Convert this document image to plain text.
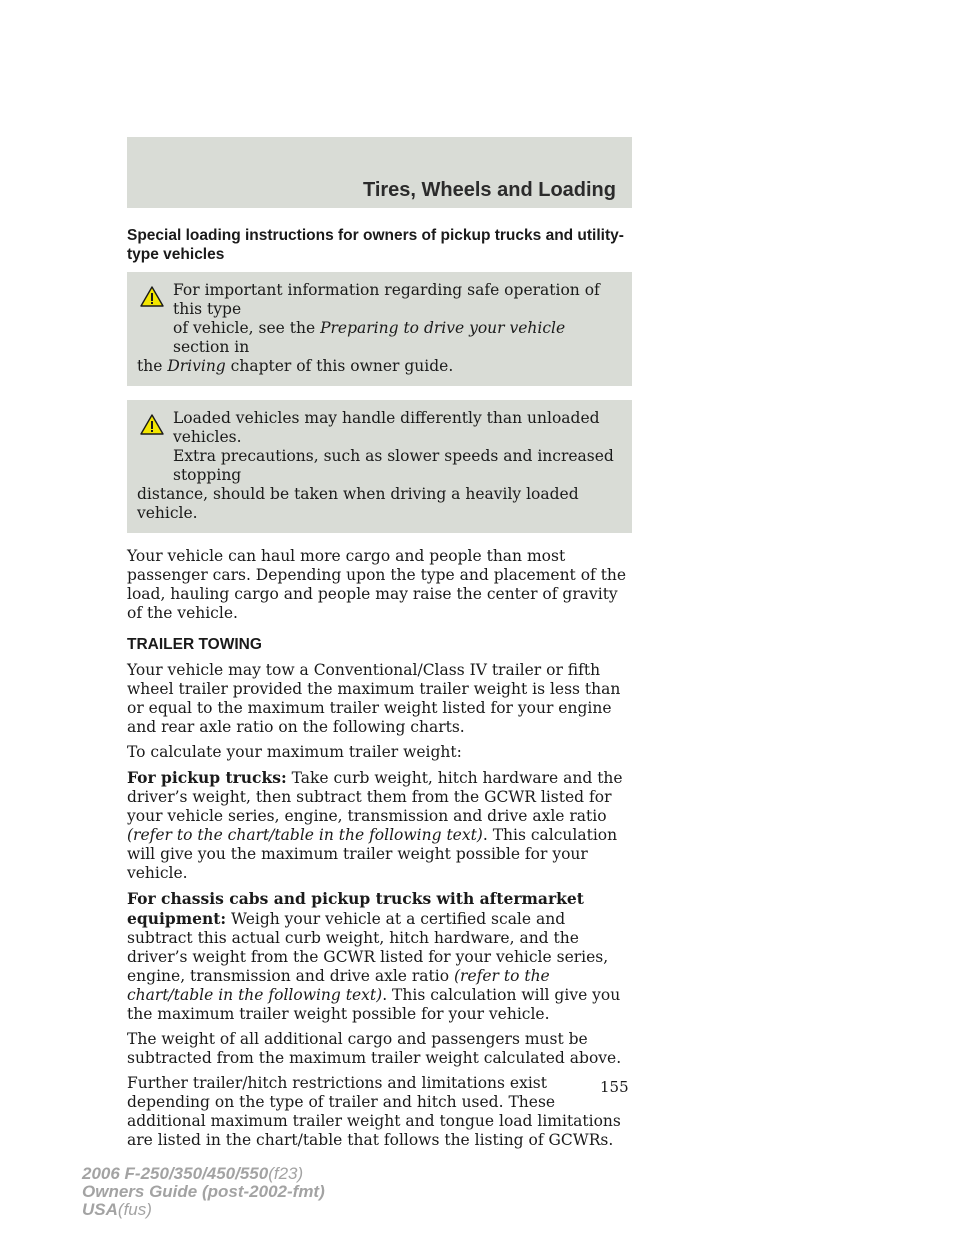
Tires, Wheels and Loading
Special loading instructions for owners of pickup trucks and utility-type vehicles
For important information regarding safe operation of this type
of vehicle, see the Preparing to drive your vehicle section in
the Driving chapter of this owner guide.
Loaded vehicles may handle differently than unloaded vehicles.
Extra precautions, such as slower speeds and increased stopping
distance, should be taken when driving a heavily loaded vehicle.

Your vehicle can haul more cargo and people than most passenger cars. Depending upon the type and placement of the load, hauling cargo and people may raise the center of gravity of the vehicle.

TRAILER TOWING

Your vehicle may tow a Conventional/Class IV trailer or fifth wheel trailer provided the maximum trailer weight is less than or equal to the maximum trailer weight listed for your engine and rear axle ratio on the following charts.

To calculate your maximum trailer weight:

For pickup trucks: Take curb weight, hitch hardware and the driver’s weight, then subtract them from the GCWR listed for your vehicle series, engine, transmission and drive axle ratio (refer to the chart/table in the following text). This calculation will give you the maximum trailer weight possible for your vehicle.

For chassis cabs and pickup trucks with aftermarket equipment: Weigh your vehicle at a certified scale and subtract this actual curb weight, hitch hardware, and the driver’s weight from the GCWR listed for your vehicle series, engine, transmission and drive axle ratio (refer to the chart/table in the following text). This calculation will give you the maximum trailer weight possible for your vehicle.

The weight of all additional cargo and passengers must be subtracted from the maximum trailer weight calculated above.

Further trailer/hitch restrictions and limitations exist depending on the type of trailer and hitch used. These additional maximum trailer weight and tongue load limitations are listed in the chart/table that follows the listing of GCWRs.

155
2006 F-250/350/450/550(f23)
Owners Guide (post-2002-fmt)
USA(fus)
